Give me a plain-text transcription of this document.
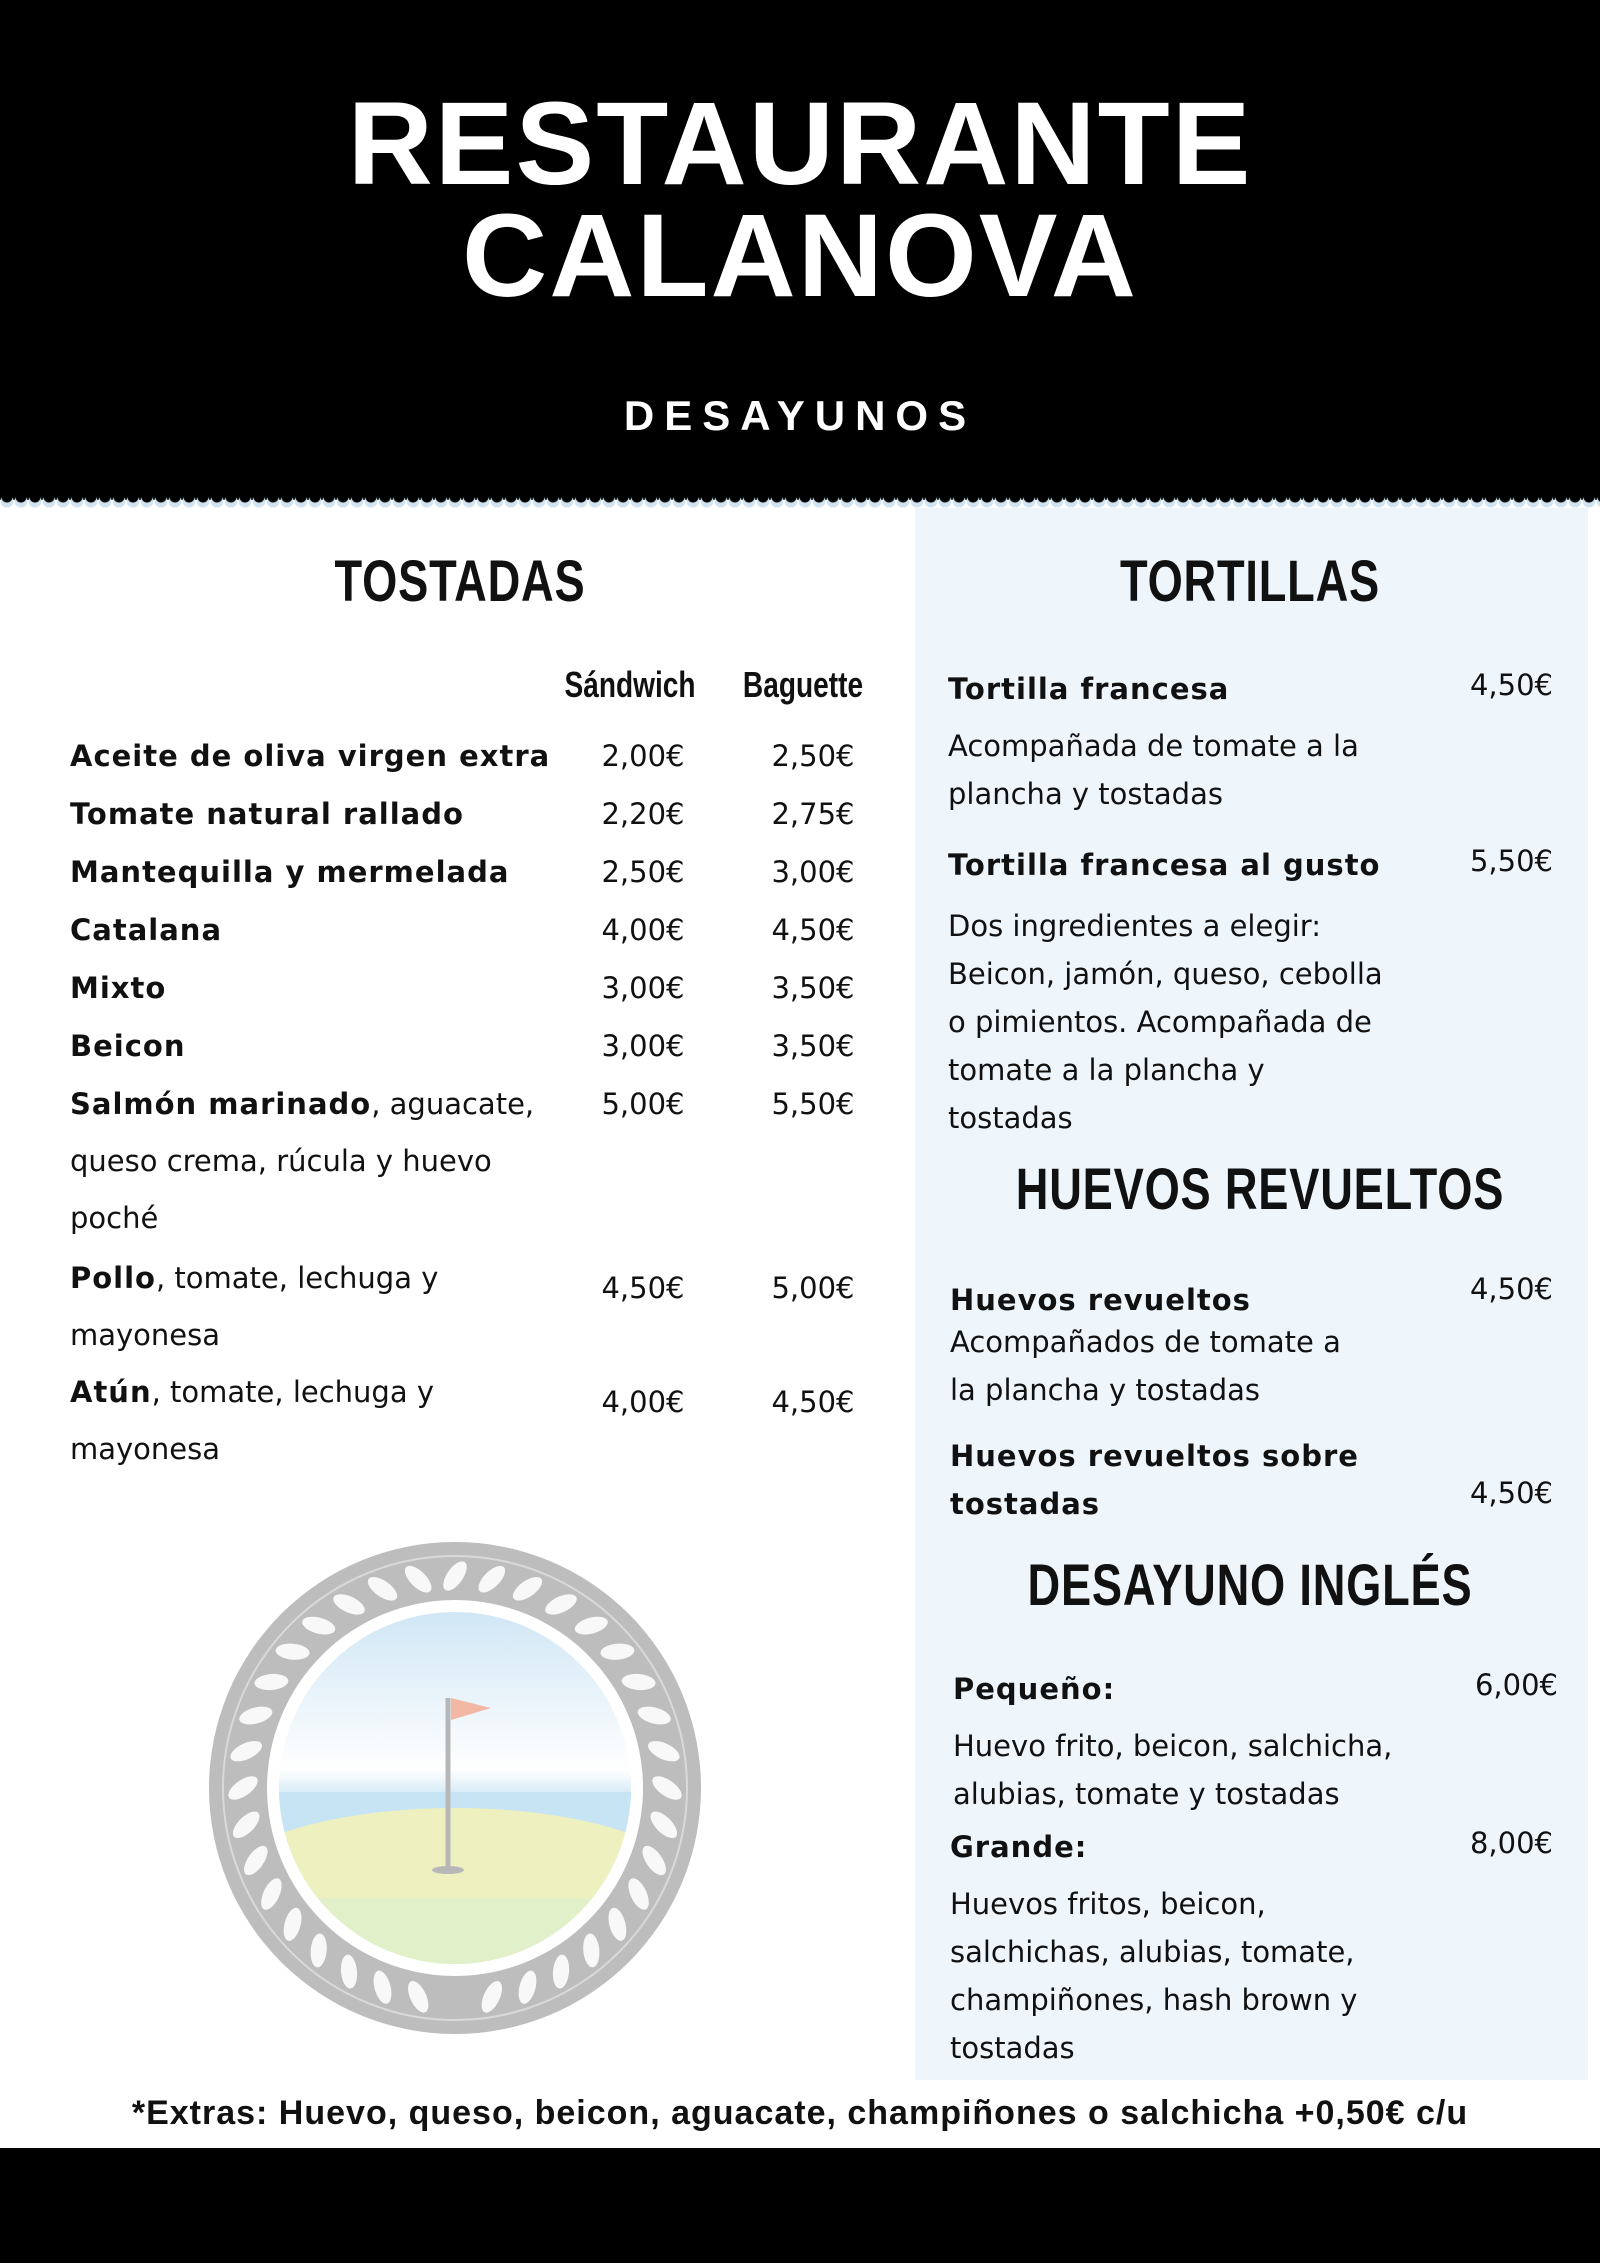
RESTAURANTE
CALANOVA
DESAYUNOS
TOSTADAS
Sándwich Baguette
Aceite de oliva virgen extra	2,00€	2,50€
Tomate natural rallado	2,20€	2,75€
Mantequilla y mermelada	2,50€	3,00€
Catalana	4,00€	4,50€
Mixto	3,00€	3,50€
Beicon	3,00€	3,50€
Salmón marinado, aguacate, queso crema, rúcula y huevo poché
5,00€	5,50€
Pollo, tomate, lechuga y mayonesa
4,50€	5,00€
Atún, tomate, lechuga y mayonesa
4,00€	4,50€
TORTILLAS
Tortilla francesa	4,50€
Acompañada de tomate a la
plancha y tostadas
Tortilla francesa al gusto	5,50€
Dos ingredientes a elegir:
Beicon, jamón, queso, cebolla
o pimientos. Acompañada de
tomate a la plancha y
tostadas
HUEVOS REVUELTOS
Huevos revueltos	4,50€
Acompañados de tomate a
la plancha y tostadas
Huevos revueltos sobre
tostadas	4,50€
DESAYUNO INGLÉS
Pequeño:	6,00€
Huevo frito, beicon, salchicha,
alubias, tomate y tostadas
Grande:	8,00€
Huevos fritos, beicon,
salchichas, alubias, tomate,
champiñones, hash brown y
tostadas
*Extras: Huevo, queso, beicon, aguacate, champiñones o salchicha +0,50€ c/u
